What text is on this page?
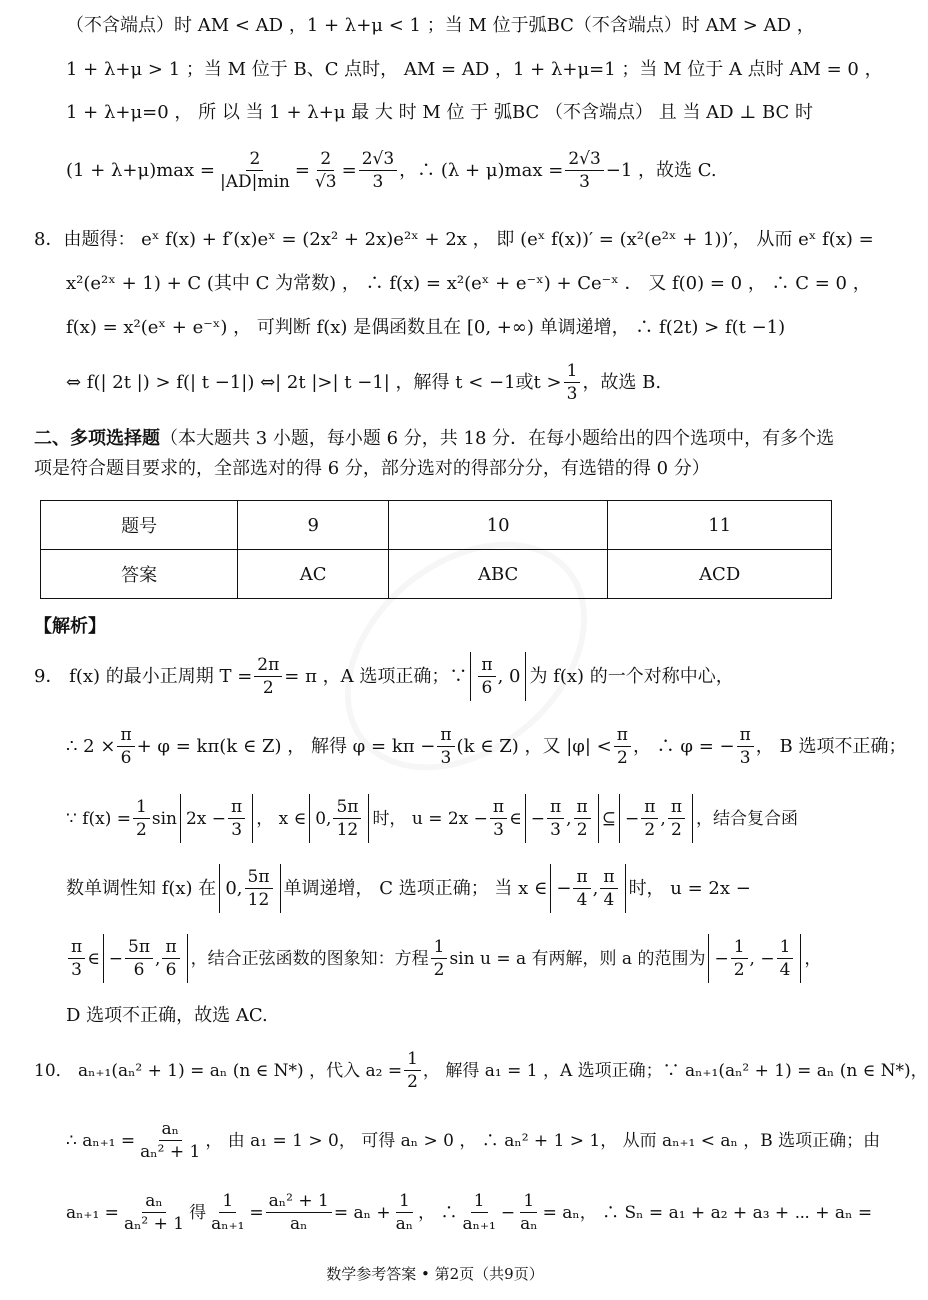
（不含端点）时 AM < AD ，1 + λ+μ < 1 ；当 M 位于弧BC（不含端点）时 AM > AD ，
1 + λ+μ > 1 ；当 M 位于 B、C 点时， AM = AD ，1 + λ+μ=1 ；当 M 位于 A 点时 AM = 0 ，
1 + λ+μ=0 ， 所 以 当 1 + λ+μ 最 大 时 M 位 于 弧BC （不含端点） 且 当 AD ⊥ BC 时
$(1 + \lambda+\mu)\max = \frac{2}{|AD|\min} = \frac{2}{√3} = \frac{2√3}{3}$ ，∴ $(\lambda + \mu)\max = \frac{2√3}{3} -1$ ，故选 C.
8．由题得： eˣ f(x) + f′(x)eˣ = (2x² + 2x)e²ˣ + 2x ， 即 (eˣ f(x))′ = (x²(e²ˣ + 1))′， 从而 eˣ f(x) =
x²(e²ˣ + 1) + C (其中 C 为常数) ， ∴ f(x) = x²(eˣ + e⁻ˣ) + Ce⁻ˣ ． 又 f(0) = 0 ， ∴ C = 0 ，
f(x) = x²(eˣ + e⁻ˣ) ， 可判断 f(x) 是偶函数且在 [0, +∞) 单调递增， ∴ f(2t) > f(t −1)
⇔ f(| 2t |) > f(| t −1|) ⇔| 2t |>| t −1| ，解得 t < −1或$t > \frac{1}{3}$ ，故选 B.
二、多项选择题（本大题共 3 小题，每小题 6 分，共 18 分．在每小题给出的四个选项中，有多个选项是符合题目要求的，全部选对的得 6 分，部分选对的得部分分，有选错的得 0 分）
题号	9	10	11
答案	AC	ABC	ACD
【解析】
9． f(x) 的最小正周期 $T = \frac{2\pi}{2} = \pi$ ，A 选项正确；∵ $\frac{\pi}{6}$ , 0 为 f(x) 的一个对称中心，
∴ $2 \times \frac{\pi}{6} + \varphi = k\pi(k$ ∈ Z) ， 解得 $\varphi = k\pi - \frac{\pi}{3} (k$ ∈ Z) ，又 $|\varphi| < \frac{\pi}{2}$ ， ∴ φ = − $\frac{\pi}{3}$ ， B 选项不正确；
∵ $f(x) = \frac{1}{2}$ $\sin 2x - \frac{\pi}{3}$ ， x ∈ 0, $\frac{5\pi}{12}$ 时， $u = 2x - \frac{\pi}{3}$ ∈ − $\frac{\pi}{3}$ , $\frac{\pi}{2}$ ⊆ − $\frac{\pi}{2}$ , $\frac{\pi}{2}$ ，结合复合函
数单调性知 f(x) 在 0, $\frac{5\pi}{12}$ 单调递增， C 选项正确； 当 x ∈ − $\frac{\pi}{4}$ , $\frac{\pi}{4}$ 时， u = 2x −
$\frac{\pi}{3}$ ∈ − $\frac{5\pi}{6}$ , $\frac{\pi}{6}$ ，结合正弦函数的图象知：方程 $\frac{1}{2}$ sin u = a 有两解，则 a 的范围为 − $\frac{1}{2}$ , − $\frac{1}{4}$ ，
D 选项不正确，故选 AC.
10． aₙ₊₁(aₙ² + 1) = aₙ (n ∈ N*) ，代入 $a_2 = \frac{1}{2}$ ， 解得 a₁ = 1 ，A 选项正确；∵ aₙ₊₁(aₙ² + 1) = aₙ (n ∈ N*)，
∴ $a_{n+1} = \frac{\text{aₙ}}{\text{aₙ² + 1}}$ ， 由 a₁ = 1 > 0， 可得 aₙ > 0 ， ∴ aₙ² + 1 > 1， 从而 aₙ₊₁ < aₙ ，B 选项正确；由
$a_{n+1} = \frac{\text{aₙ}}{\text{aₙ² + 1}}$ 得 $\frac{1}{\text{aₙ₊₁}} = \frac{\text{aₙ² + 1}}{\text{aₙ}} = a_n + \frac{1}{\text{aₙ}}$ ， ∴ $\frac{1}{\text{aₙ₊₁}} - \frac{1}{\text{aₙ}} = a_n$， ∴ Sₙ = a₁ + a₂ + a₃ + ⋯ + aₙ =
数学参考答案 • 第2页（共9页）
